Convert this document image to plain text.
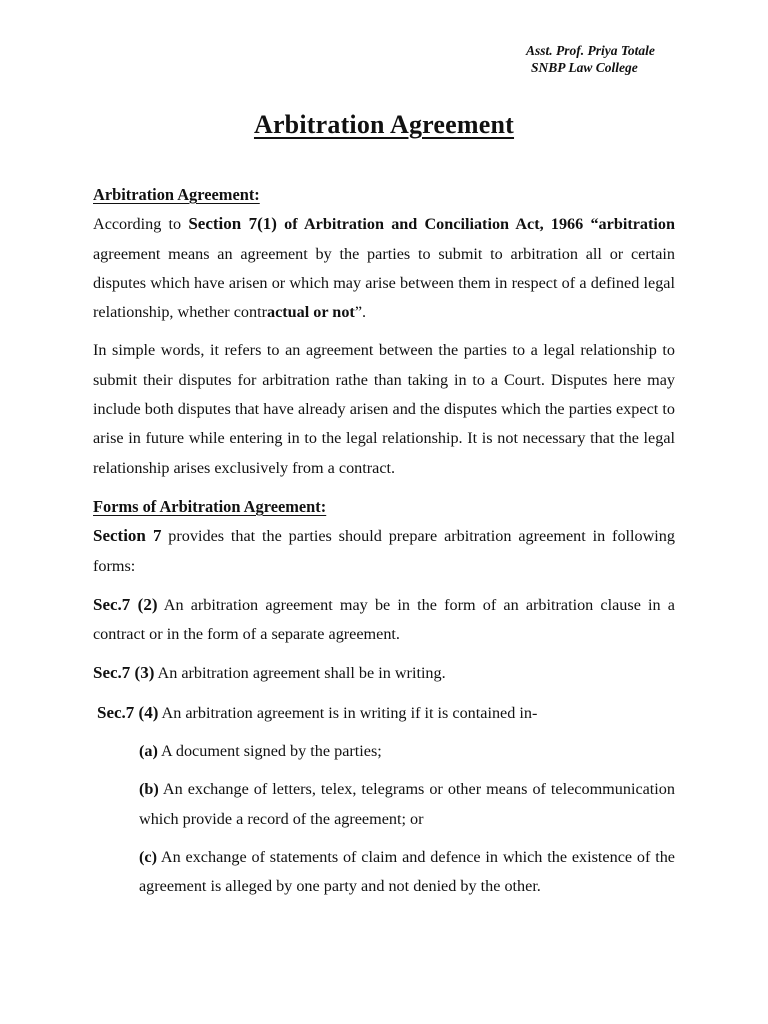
Asst. Prof. Priya Totale
SNBP Law College
Arbitration Agreement

Arbitration Agreement:

According to Section 7(1) of Arbitration and Conciliation Act, 1966 “arbitration agreement means an agreement by the parties to submit to arbitration all or certain disputes which have arisen or which may arise between them in respect of a defined legal relationship, whether contractual or not”.

In simple words, it refers to an agreement between the parties to a legal relationship to submit their disputes for arbitration rathe than taking in to a Court. Disputes here may include both disputes that have already arisen and the disputes which the parties expect to arise in future while entering in to the legal relationship. It is not necessary that the legal relationship arises exclusively from a contract.

Forms of Arbitration Agreement:

Section 7 provides that the parties should prepare arbitration agreement in following forms:

Sec.7 (2) An arbitration agreement may be in the form of an arbitration clause in a contract or in the form of a separate agreement.

Sec.7 (3) An arbitration agreement shall be in writing.

Sec.7 (4) An arbitration agreement is in writing if it is contained in-

(a) A document signed by the parties;

(b) An exchange of letters, telex, telegrams or other means of telecommunication which provide a record of the agreement; or

(c) An exchange of statements of claim and defence in which the existence of the agreement is alleged by one party and not denied by the other.
